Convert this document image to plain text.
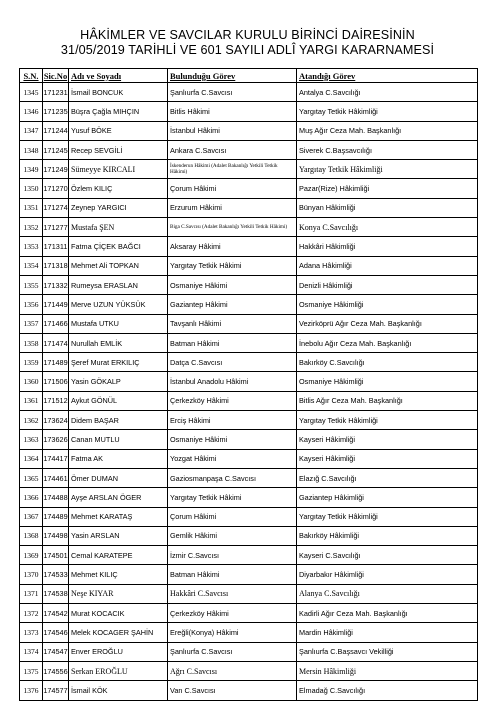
HÂKİMLER VE SAVCILAR KURULU BİRİNCİ DAİRESİNİN
31/05/2019 TARİHLİ VE 601 SAYILI ADLÎ YARGI KARARNAMESİ
S.N.	Sic.No	Adı ve Soyadı	Bulunduğu Görev	Atandığı Görev
1345	171231	İsmail BONCUK	Şanlıurfa C.Savcısı	Antalya C.Savcılığı
1346	171235	Büşra Çağla MIHÇIN	Bitlis Hâkimi	Yargıtay Tetkik Hâkimliği
1347	171244	Yusuf BÖKE	İstanbul Hâkimi	Muş Ağır Ceza Mah. Başkanlığı
1348	171245	Recep SEVGİLİ	Ankara C.Savcısı	Siverek C.Başsavcılığı
1349	171249	Sümeyye KIRCALI	İskenderun Hâkimi (Adalet Bakanlığı Yetkili Tetkik Hâkimi)	Yargıtay Tetkik Hâkimliği
1350	171270	Özlem KILIÇ	Çorum Hâkimi	Pazar(Rize) Hâkimliği
1351	171274	Zeynep YARGICI	Erzurum Hâkimi	Bünyan Hâkimliği
1352	171277	Mustafa ŞEN	Biga C.Savcısı (Adalet Bakanlığı Yetkili Tetkik Hâkimi)	Konya C.Savcılığı
1353	171311	Fatma ÇİÇEK BAĞCI	Aksaray Hâkimi	Hakkâri Hâkimliği
1354	171318	Mehmet Ali TOPKAN	Yargıtay Tetkik Hâkimi	Adana Hâkimliği
1355	171332	Rumeysa ERASLAN	Osmaniye Hâkimi	Denizli Hâkimliği
1356	171449	Merve UZUN YÜKSÜK	Gaziantep Hâkimi	Osmaniye Hâkimliği
1357	171466	Mustafa UTKU	Tavşanlı Hâkimi	Vezirköprü Ağır Ceza Mah. Başkanlığı
1358	171474	Nurullah EMLİK	Batman Hâkimi	İnebolu Ağır Ceza Mah. Başkanlığı
1359	171489	Şeref Murat ERKILIÇ	Datça C.Savcısı	Bakırköy C.Savcılığı
1360	171506	Yasin GÖKALP	İstanbul Anadolu Hâkimi	Osmaniye Hâkimliği
1361	171512	Aykut GÖNÜL	Çerkezköy Hâkimi	Bitlis Ağır Ceza Mah. Başkanlığı
1362	173624	Didem BAŞAR	Erciş Hâkimi	Yargıtay Tetkik Hâkimliği
1363	173626	Canan MUTLU	Osmaniye Hâkimi	Kayseri Hâkimliği
1364	174417	Fatma AK	Yozgat Hâkimi	Kayseri Hâkimliği
1365	174461	Ömer DUMAN	Gaziosmanpaşa C.Savcısı	Elazığ C.Savcılığı
1366	174488	Ayşe ARSLAN ÖGER	Yargıtay Tetkik Hâkimi	Gaziantep Hâkimliği
1367	174489	Mehmet KARATAŞ	Çorum Hâkimi	Yargıtay Tetkik Hâkimliği
1368	174498	Yasin ARSLAN	Gemlik Hâkimi	Bakırköy Hâkimliği
1369	174501	Cemal KARATEPE	İzmir C.Savcısı	Kayseri C.Savcılığı
1370	174533	Mehmet KILIÇ	Batman Hâkimi	Diyarbakır Hâkimliği
1371	174538	Neşe KIYAR	Hakkâri C.Savcısı	Alanya C.Savcılığı
1372	174542	Murat KOCACIK	Çerkezköy Hâkimi	Kadirli Ağır Ceza Mah. Başkanlığı
1373	174546	Melek KOCAGER ŞAHİN	Ereğli(Konya) Hâkimi	Mardin Hâkimliği
1374	174547	Enver EROĞLU	Şanlıurfa C.Savcısı	Şanlıurfa C.Başsavcı Vekilliği
1375	174556	Serkan EROĞLU	Ağrı C.Savcısı	Mersin Hâkimliği
1376	174577	İsmail KÖK	Van C.Savcısı	Elmadağ C.Savcılığı
